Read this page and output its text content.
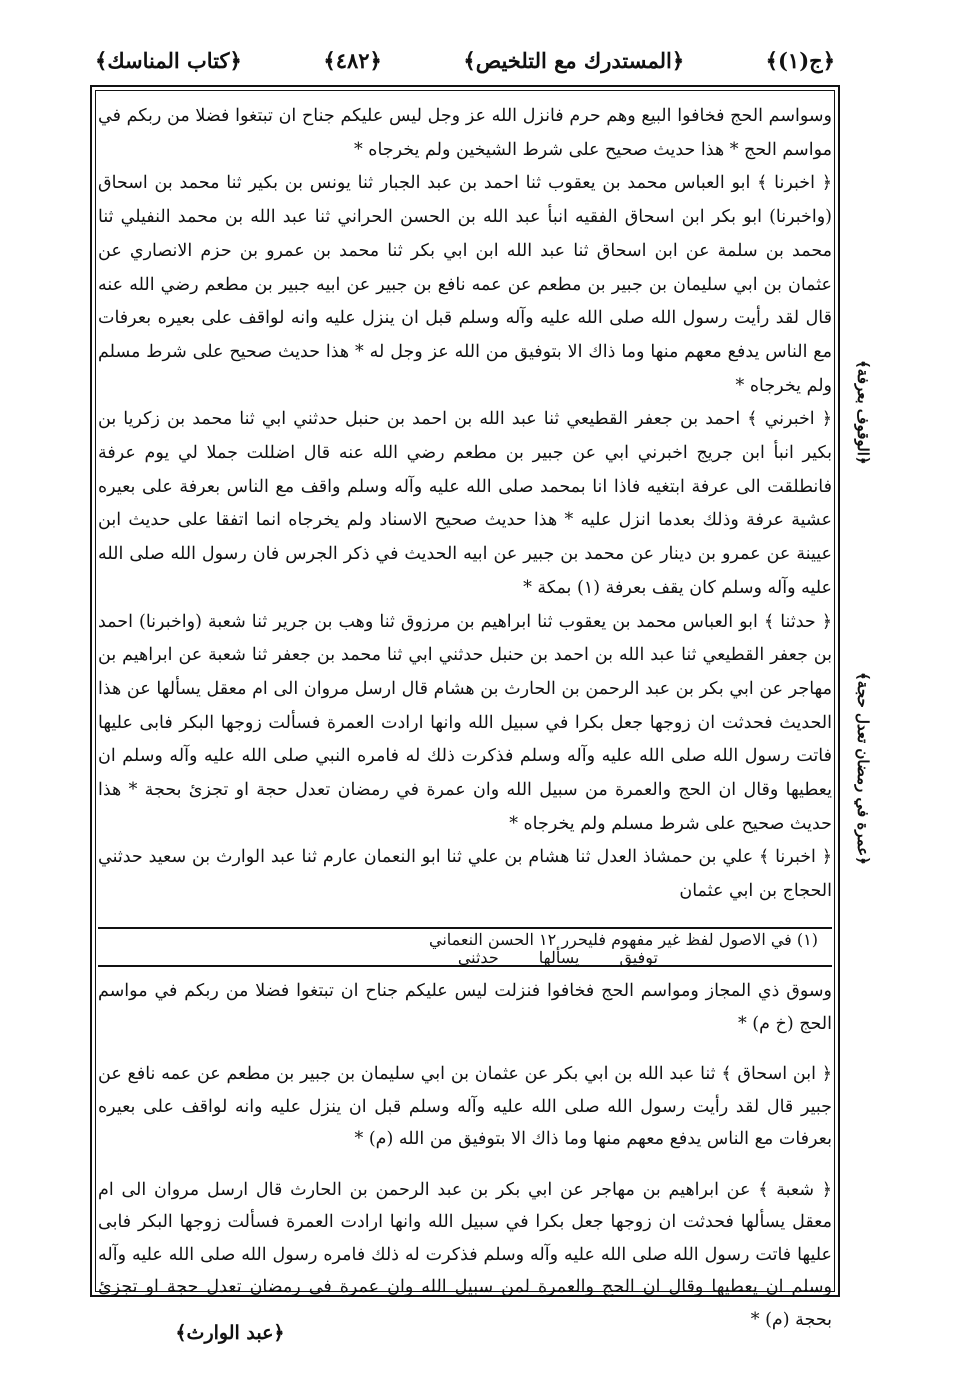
﴿ج(١)﴾
﴿المستدرك مع التلخيص﴾
﴿٤٨٢﴾
﴿كتاب المناسك﴾
﴿الوقوف بعرفة﴾
﴿عمرة في رمضان تعدل حجة﴾

وسواسم الحج فخافوا البيع وهم حرم فانزل الله عز وجل ليس عليكم جناح ان تبتغوا فضلا من ربكم في مواسم الحج * هذا حديث صحيح على شرط الشيخين ولم يخرجاه *

﴿ اخبرنا ﴾ ابو العباس محمد بن يعقوب ثنا احمد بن عبد الجبار ثنا يونس بن بكير ثنا محمد بن اسحاق (واخبرنا) ابو بكر ابن اسحاق الفقيه انبأ عبد الله بن الحسن الحراني ثنا عبد الله بن محمد النفيلي ثنا محمد بن سلمة عن ابن اسحاق ثنا عبد الله ابن ابي بكر ثنا محمد بن عمرو بن حزم الانصاري عن عثمان بن ابي سليمان بن جبير بن مطعم عن عمه نافع بن جبير عن ابيه جبير بن مطعم رضي الله عنه قال لقد رأيت رسول الله صلى الله عليه وآله وسلم قبل ان ينزل عليه وانه لواقف على بعيره بعرفات مع الناس يدفع معهم منها وما ذاك الا بتوفيق من الله عز وجل له * هذا حديث صحيح على شرط مسلم ولم يخرجاه *

﴿ اخبرني ﴾ احمد بن جعفر القطيعي ثنا عبد الله بن احمد بن حنبل حدثني ابي ثنا محمد بن زكريا بن بكير انبأ ابن جريج اخبرني ابي عن جبير بن مطعم رضي الله عنه قال اضللت جملا لي يوم عرفة فانطلقت الى عرفة ابتغيه فاذا انا بمحمد صلى الله عليه وآله وسلم واقف مع الناس بعرفة على بعيره عشية عرفة وذلك بعدما انزل عليه * هذا حديث صحيح الاسناد ولم يخرجاه انما اتفقا على حديث ابن عيينة عن عمرو بن دينار عن محمد بن جبير عن ابيه الحديث في ذكر الجرس فان رسول الله صلى الله عليه وآله وسلم كان يقف بعرفة (١) بمكة *

﴿ حدثنا ﴾ ابو العباس محمد بن يعقوب ثنا ابراهيم بن مرزوق ثنا وهب بن جرير ثنا شعبة (واخبرنا) احمد بن جعفر القطيعي ثنا عبد الله بن احمد بن حنبل حدثني ابي ثنا محمد بن جعفر ثنا شعبة عن ابراهيم بن مهاجر عن ابي بكر بن عبد الرحمن بن الحارث بن هشام قال ارسل مروان الى ام معقل يسألها عن هذا الحديث فحدثت ان زوجها جعل بكرا في سبيل الله وانها ارادت العمرة فسألت زوجها البكر فابى عليها فاتت رسول الله صلى الله عليه وآله وسلم فذكرت ذلك له فامره النبي صلى الله عليه وآله وسلم ان يعطيها وقال ان الحج والعمرة من سبيل الله وان عمرة في رمضان تعدل حجة او تجزئ بحجة * هذا حديث صحيح على شرط مسلم ولم يخرجاه *

﴿ اخبرنا ﴾ علي بن حمشاذ العدل ثنا هشام بن علي ثنا ابو النعمان عارم ثنا عبد الوارث بن سعيد حدثني الحجاج بن ابي عثمان

(١) في الاصول لفظ غير مفهوم فليحرر ١٢ الحسن النعماني
توفيق
يسألها
حدثني

وسوق ذي المجاز ومواسم الحج فخافوا فنزلت ليس عليكم جناح ان تبتغوا فضلا من ربكم في مواسم الحج (خ م) *

﴿ ابن اسحاق ﴾ ثنا عبد الله بن ابي بكر عن عثمان بن ابي سليمان بن جبير بن مطعم عن عمه نافع عن جبير قال لقد رأيت رسول الله صلى الله عليه وآله وسلم قبل ان ينزل عليه وانه لواقف على بعيره بعرفات مع الناس يدفع معهم منها وما ذاك الا بتوفيق من الله (م) *

﴿ شعبة ﴾ عن ابراهيم بن مهاجر عن ابي بكر بن عبد الرحمن بن الحارث قال ارسل مروان الى ام معقل يسألها فحدثت ان زوجها جعل بكرا في سبيل الله وانها ارادت العمرة فسألت زوجها البكر فابى عليها فاتت رسول الله صلى الله عليه وآله وسلم فذكرت له ذلك فامره رسول الله صلى الله عليه وآله وسلم ان يعطيها وقال ان الحج والعمرة لمن سبيل الله وان عمرة في رمضان تعدل حجة او تجزئ بحجة (م) *

﴿عبد الوارث﴾
